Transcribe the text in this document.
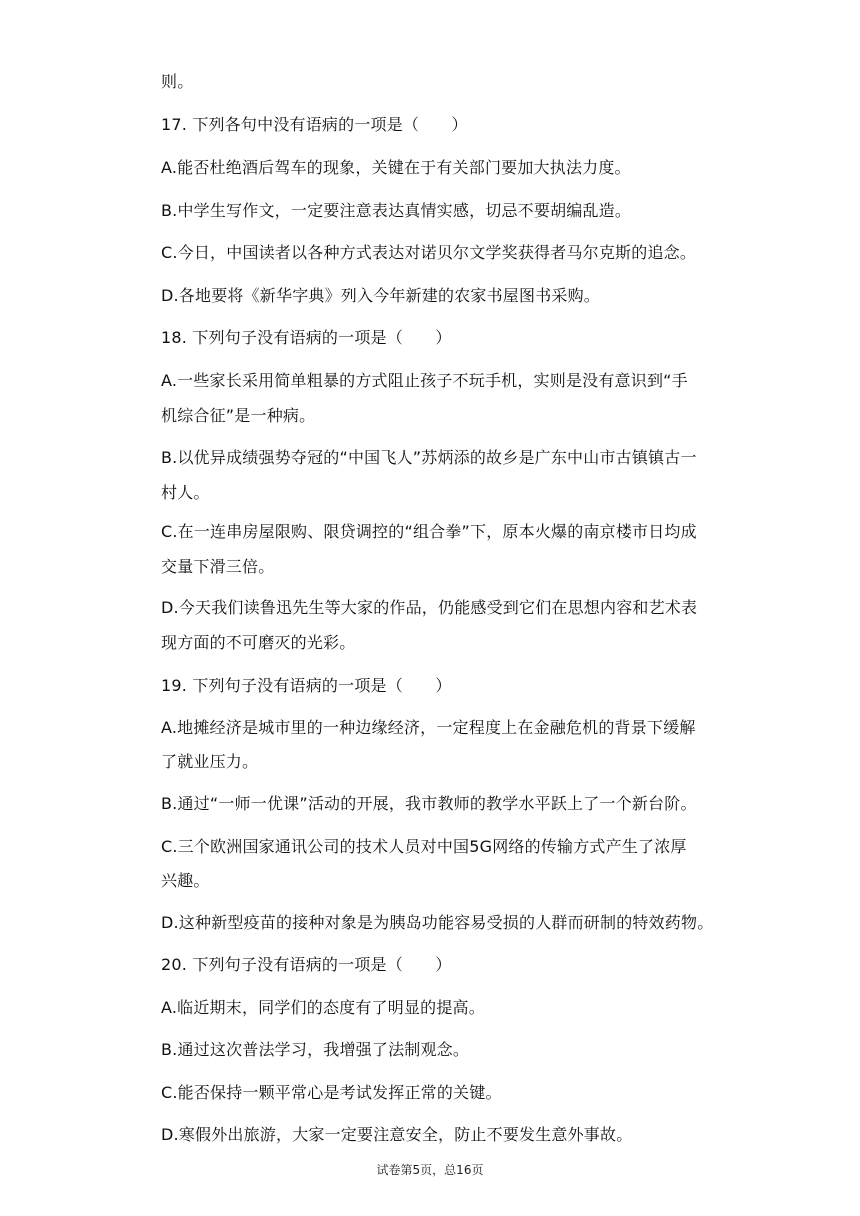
则。
17. 下列各句中没有语病的一项是（　　）
A.能否杜绝酒后驾车的现象，关键在于有关部门要加大执法力度。
B.中学生写作文，一定要注意表达真情实感，切忌不要胡编乱造。
C.今日，中国读者以各种方式表达对诺贝尔文学奖获得者马尔克斯的追念。
D.各地要将《新华字典》列入今年新建的农家书屋图书采购。
18. 下列句子没有语病的一项是（　　）
A.一些家长采用简单粗暴的方式阻止孩子不玩手机，实则是没有意识到“手
机综合征”是一种病。
B.以优异成绩强势夺冠的“中国飞人”苏炳添的故乡是广东中山市古镇镇古一
村人。
C.在一连串房屋限购、限贷调控的“组合拳”下，原本火爆的南京楼市日均成
交量下滑三倍。
D.今天我们读鲁迅先生等大家的作品，仍能感受到它们在思想内容和艺术表
现方面的不可磨灭的光彩。
19. 下列句子没有语病的一项是（　　）
A.地摊经济是城市里的一种边缘经济，一定程度上在金融危机的背景下缓解
了就业压力。
B.通过“一师一优课”活动的开展，我市教师的教学水平跃上了一个新台阶。
C.三个欧洲国家通讯公司的技术人员对中国5G网络的传输方式产生了浓厚
兴趣。
D.这种新型疫苗的接种对象是为胰岛功能容易受损的人群而研制的特效药物。
20. 下列句子没有语病的一项是（　　）
A.临近期末，同学们的态度有了明显的提高。
B.通过这次普法学习，我增强了法制观念。
C.能否保持一颗平常心是考试发挥正常的关键。
D.寒假外出旅游，大家一定要注意安全，防止不要发生意外事故。
试卷第5页，总16页
